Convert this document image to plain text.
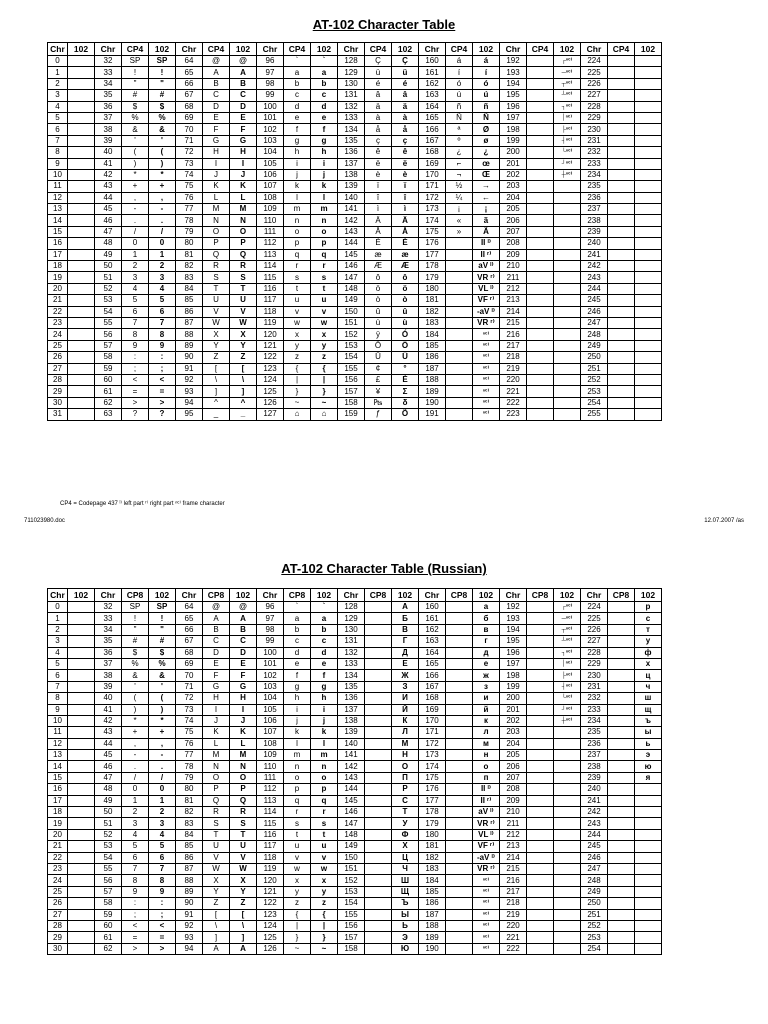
AT-102 Character Table
Chr	102	Chr	CP4	102	Chr	CP4	102	Chr	CP4	102	Chr	CP4	102	Chr	CP4	102	Chr	CP4	102	Chr	CP4	102
0		32	SP	SP	64	@	@	96	`	`	128	Ç	Ç	160	á	á	192		┌ⁿᶜ⁾	224		
1		33	!	!	65	A	A	97	a	a	129	ü	ü	161	í	í	193		─ⁿᶜ⁾	225		
2		34	"	"	66	B	B	98	b	b	130	é	é	162	ó	ó	194		┬ⁿᶜ⁾	226		
3		35	#	#	67	C	C	99	c	c	131	â	â	163	ú	ú	195		┴ⁿᶜ⁾	227		
4		36	$	$	68	D	D	100	d	d	132	ä	ä	164	ñ	ñ	196		┐ⁿᶜ⁾	228		
5		37	%	%	69	E	E	101	e	e	133	à	à	165	Ñ	Ñ	197		│ⁿᶜ⁾	229		
6		38	&	&	70	F	F	102	f	f	134	å	å	166	ª	Ø	198		├ⁿᶜ⁾	230		
7		39	'	'	71	G	G	103	g	g	135	ç	ç	167	º	ø	199		┤ⁿᶜ⁾	231		
8		40	(	(	72	H	H	104	h	h	136	ê	ê	168	¿	¿	200		└ⁿᶜ⁾	232		
9		41	)	)	73	I	I	105	i	i	137	ë	ë	169	⌐	œ	201		┘ⁿᶜ⁾	233		
10		42	*	*	74	J	J	106	j	j	138	è	è	170	¬	Œ	202		┼ⁿᶜ⁾	234		
11		43	+	+	75	K	K	107	k	k	139	ï	ï	171	½	→	203			235		
12		44	,	,	76	L	L	108	l	l	140	î	î	172	¼	←	204			236		
13		45	-	-	77	M	M	109	m	m	141	ì	ì	173	¡	¡	205			237		
14		46	.	.	78	N	N	110	n	n	142	Ä	Ä	174	«	ã	206			238		
15		47	/	/	79	O	O	111	o	o	143	Å	Å	175	»	Ã	207			239		
16		48	0	0	80	P	P	112	p	p	144	É	É	176		II ˡ⁾	208			240		
17		49	1	1	81	Q	Q	113	q	q	145	æ	æ	177		II ʳ⁾	209			241		
18		50	2	2	82	R	R	114	r	r	146	Æ	Æ	178		aV ˡ⁾	210			242		
19		51	3	3	83	S	S	115	s	s	147	ô	ô	179		VR ʳ⁾	211			243		
20		52	4	4	84	T	T	116	t	t	148	ö	ö	180		VL ˡ⁾	212			244		
21		53	5	5	85	U	U	117	u	u	149	ò	ò	181		VF ʳ⁾	213			245		
22		54	6	6	86	V	V	118	v	v	150	û	û	182		-aV ˡ⁾	214			246		
23		55	7	7	87	W	W	119	w	w	151	ù	ù	183		VR ʳ⁾	215			247		
24		56	8	8	88	X	X	120	x	x	152	ÿ	Ó	184		ⁿᶜ⁾	216			248		
25		57	9	9	89	Y	Y	121	y	y	153	Ö	Ö	185		ⁿᶜ⁾	217			249		
26		58	:	:	90	Z	Z	122	z	z	154	Ü	Ü	186		ⁿᶜ⁾	218			250		
27		59	;	;	91	[	[	123	{	{	155	¢	°	187		ⁿᶜ⁾	219			251		
28		60	<	<	92	\	\	124	|	|	156	£	È	188		ⁿᶜ⁾	220			252		
29		61	=	=	93	]	]	125	}	}	157	¥	Σ	189		ⁿᶜ⁾	221			253		
30		62	>	>	94	^	^	126	~	~	158	₧	δ	190		ⁿᶜ⁾	222			254		
31		63	?	?	95	_	_	127	⌂	⌂	159	ƒ	Õ	191		ⁿᶜ⁾	223			255		
CP4 = Codepage 437 ˡ⁾ left part ʳ⁾ right part ⁿᶜ⁾ frame character
711023980.doc	12.07.2007 /as
AT-102 Character Table (Russian)
Chr	102	Chr	CP8	102	Chr	CP8	102	Chr	CP8	102	Chr	CP8	102	Chr	CP8	102	Chr	CP8	102	Chr	CP8	102
0		32	SP	SP	64	@	@	96	`	`	128		А	160		а	192		┌ⁿᶜ⁾	224		р
1		33	!	!	65	A	A	97	a	a	129		Б	161		б	193		─ⁿᶜ⁾	225		с
2		34	"	"	66	B	B	98	b	b	130		В	162		в	194		┬ⁿᶜ⁾	226		т
3		35	#	#	67	C	C	99	c	c	131		Г	163		г	195		┴ⁿᶜ⁾	227		у
4		36	$	$	68	D	D	100	d	d	132		Д	164		д	196		┐ⁿᶜ⁾	228		ф
5		37	%	%	69	E	E	101	e	e	133		Е	165		е	197		│ⁿᶜ⁾	229		х
6		38	&	&	70	F	F	102	f	f	134		Ж	166		ж	198		├ⁿᶜ⁾	230		ц
7		39	'	'	71	G	G	103	g	g	135		З	167		з	199		┤ⁿᶜ⁾	231		ч
8		40	(	(	72	H	H	104	h	h	136		И	168		и	200		└ⁿᶜ⁾	232		ш
9		41	)	)	73	I	I	105	i	i	137		Й	169		й	201		┘ⁿᶜ⁾	233		щ
10		42	*	*	74	J	J	106	j	j	138		К	170		к	202		┼ⁿᶜ⁾	234		ъ
11		43	+	+	75	K	K	107	k	k	139		Л	171		л	203			235		ы
12		44	,	,	76	L	L	108	l	l	140		М	172		м	204			236		ь
13		45	-	-	77	M	M	109	m	m	141		Н	173		н	205			237		э
14		46	.	.	78	N	N	110	n	n	142		О	174		о	206			238		ю
15		47	/	/	79	O	O	111	o	o	143		П	175		п	207			239		я
16		48	0	0	80	P	P	112	p	p	144		Р	176		II ˡ⁾	208			240		
17		49	1	1	81	Q	Q	113	q	q	145		С	177		II ʳ⁾	209			241		
18		50	2	2	82	R	R	114	r	r	146		Т	178		aV ˡ⁾	210			242		
19		51	3	3	83	S	S	115	s	s	147		У	179		VR ʳ⁾	211			243		
20		52	4	4	84	T	T	116	t	t	148		Ф	180		VL ˡ⁾	212			244		
21		53	5	5	85	U	U	117	u	u	149		Х	181		VF ʳ⁾	213			245		
22		54	6	6	86	V	V	118	v	v	150		Ц	182		-aV ˡ⁾	214			246		
23		55	7	7	87	W	W	119	w	w	151		Ч	183		VR ʳ⁾	215			247		
24		56	8	8	88	X	X	120	x	x	152		Ш	184		ⁿᶜ⁾	216			248		
25		57	9	9	89	Y	Y	121	y	y	153		Щ	185		ⁿᶜ⁾	217			249		
26		58	:	:	90	Z	Z	122	z	z	154		Ъ	186		ⁿᶜ⁾	218			250		
27		59	;	;	91	[	[	123	{	{	155		Ы	187		ⁿᶜ⁾	219			251		
28		60	<	<	92	\	\	124	|	|	156		Ь	188		ⁿᶜ⁾	220			252		
29		61	=	=	93	]	]	125	}	}	157		Э	189		ⁿᶜ⁾	221			253		
30		62	>	>	94	A	A	126	~	~	158		Ю	190		ⁿᶜ⁾	222			254		
